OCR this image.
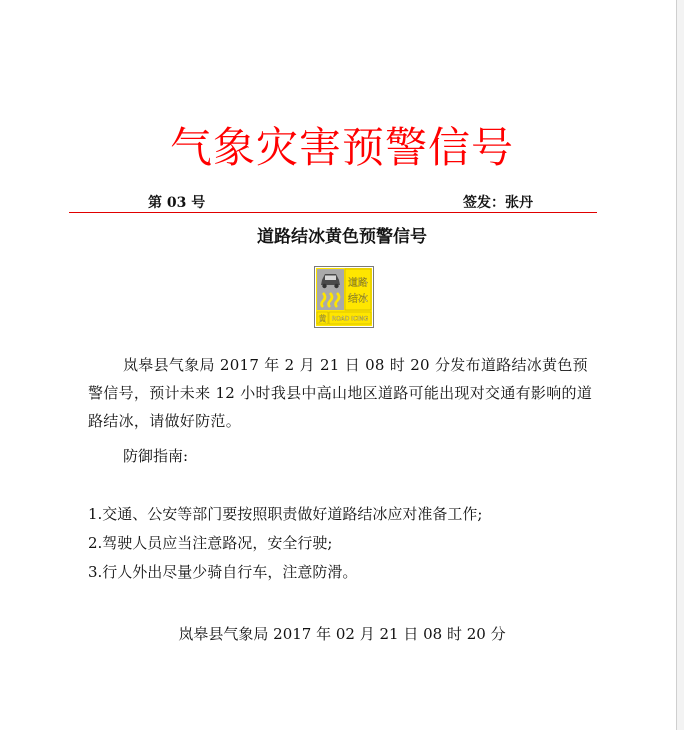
气象灾害预警信号
第 03 号	签发：张丹
道路结冰黄色预警信号
道路
结冰
黄 ROAD ICING

岚皋县气象局 2017 年 2 月 21 日 08 时 20 分发布道路结冰黄色预警信号，预计未来 12 小时我县中高山地区道路可能出现对交通有影响的道路结冰，请做好防范。

防御指南:

1.交通、公安等部门要按照职责做好道路结冰应对准备工作;
2.驾驶人员应当注意路况，安全行驶;
3.行人外出尽量少骑自行车，注意防滑。

岚皋县气象局 2017 年 02 月 21 日 08 时 20 分
